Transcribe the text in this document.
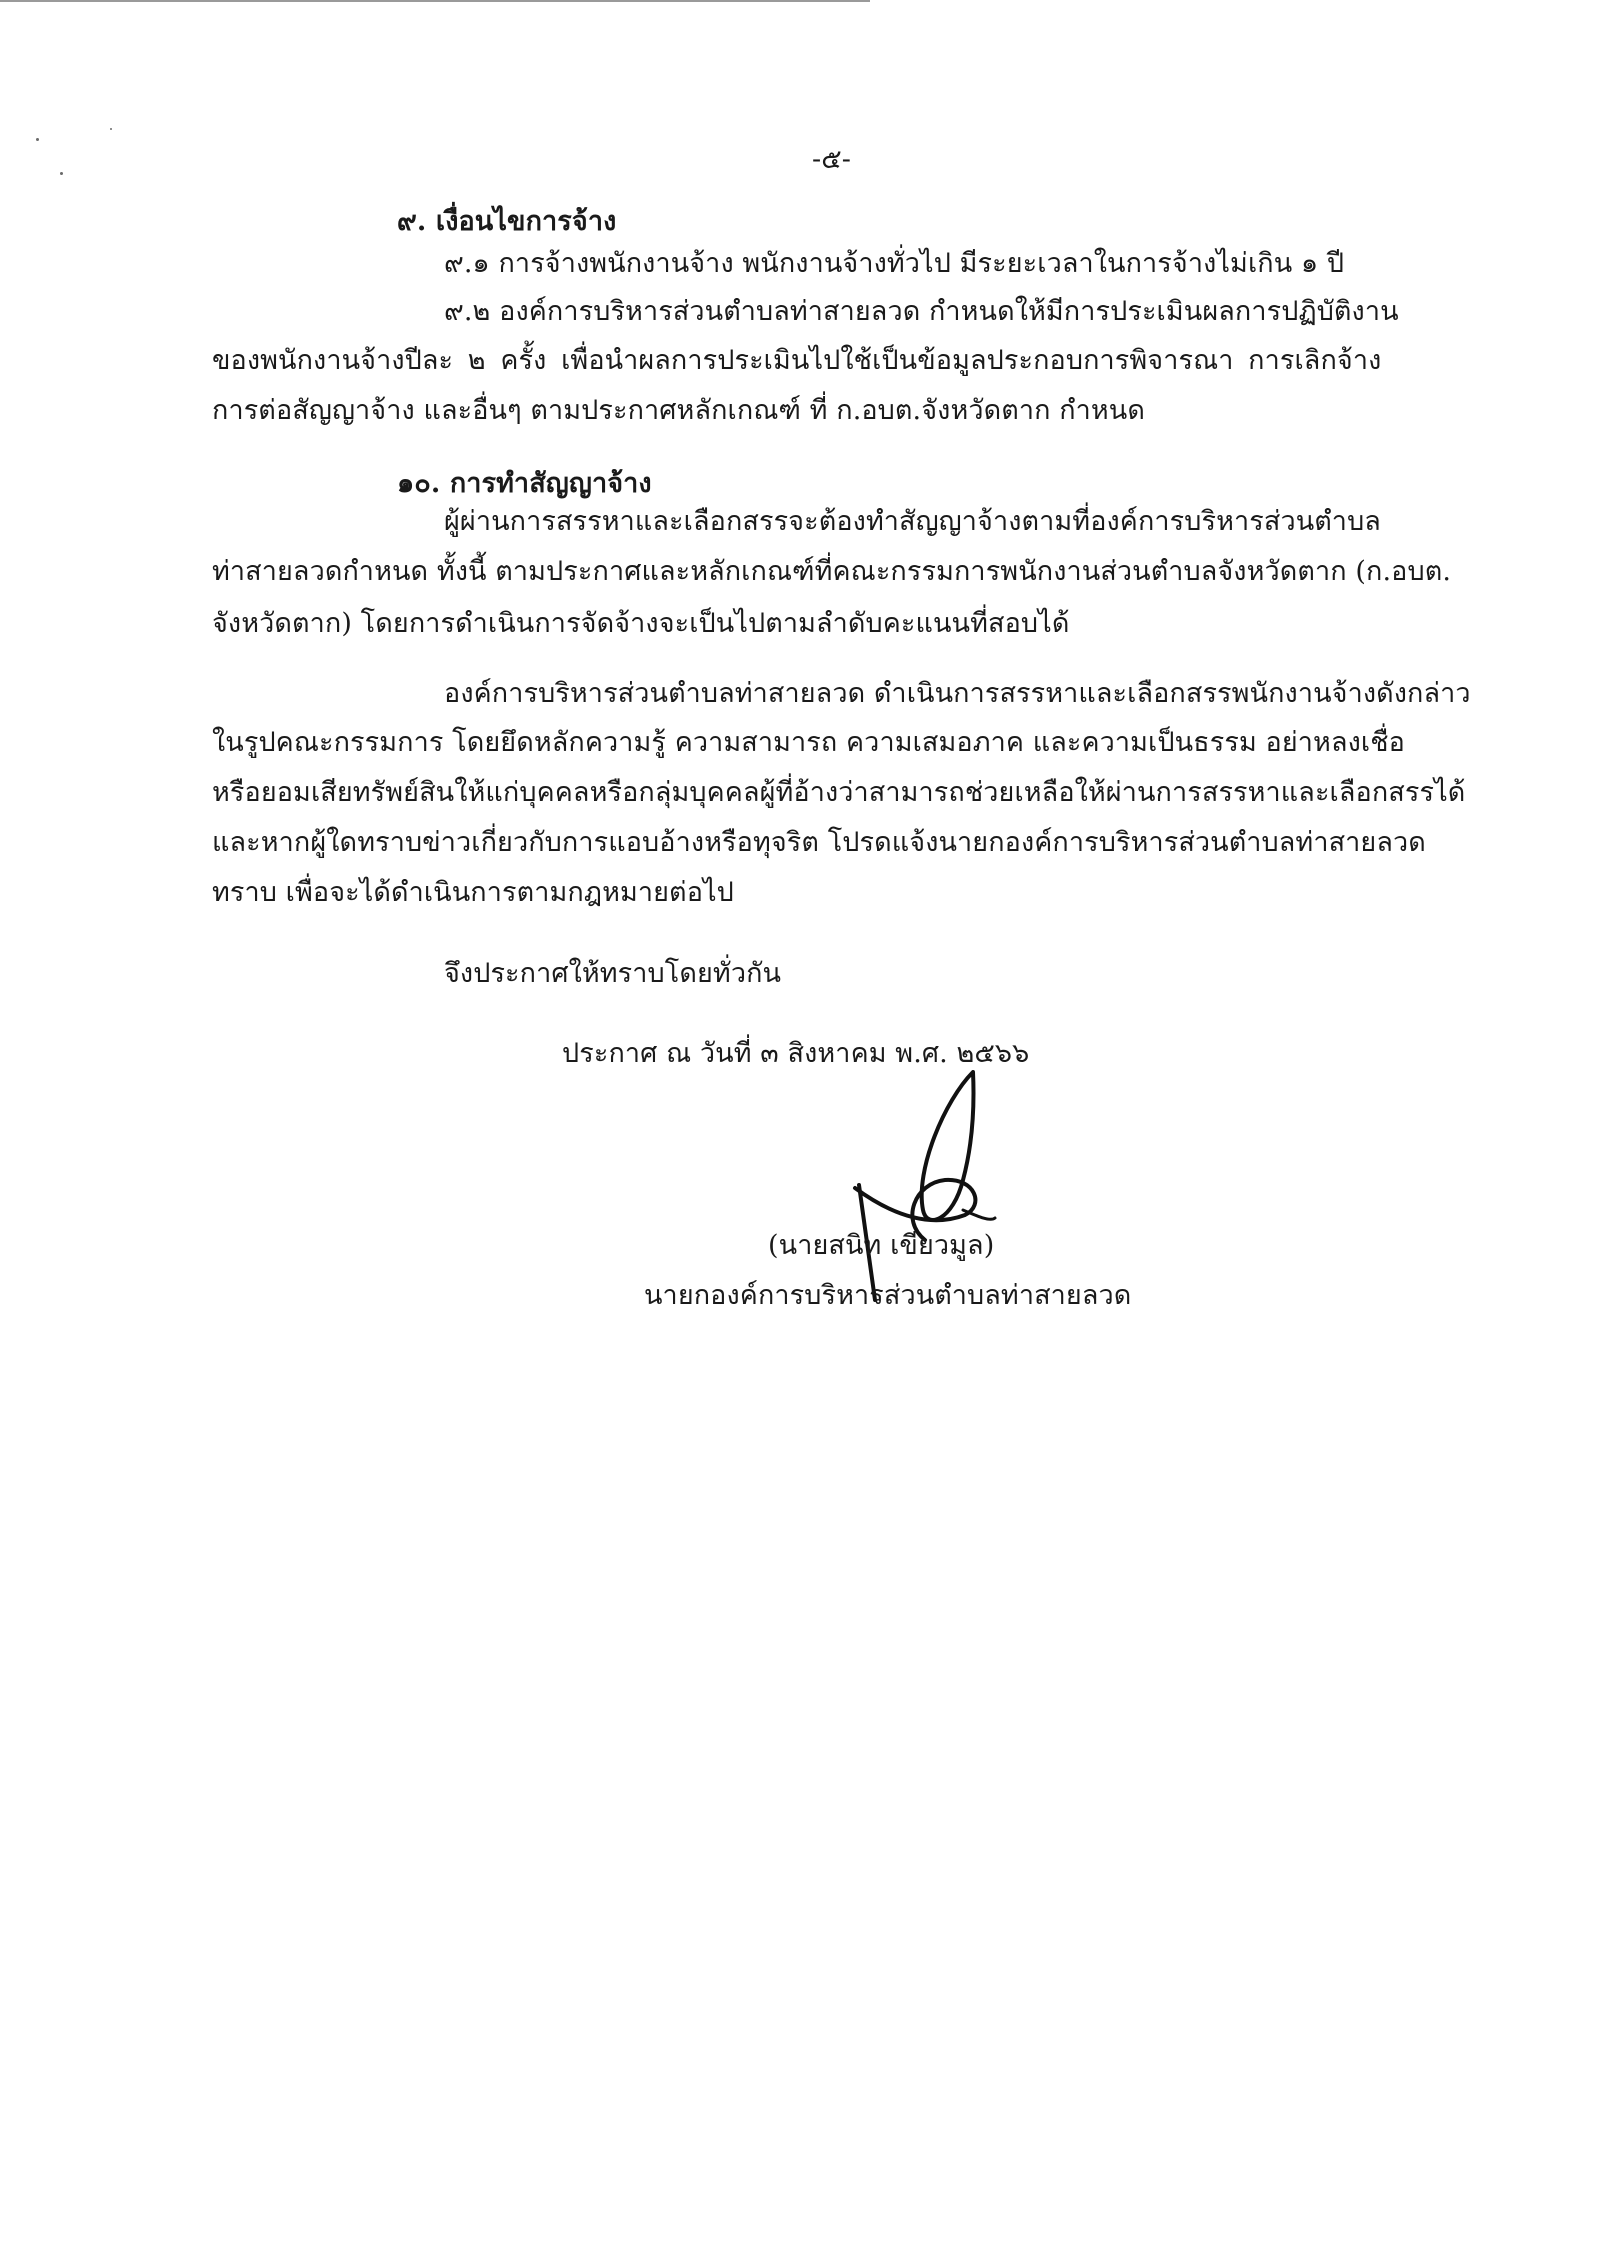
-๕-
๙. เงื่อนไขการจ้าง
๙.๑ การจ้างพนักงานจ้าง พนักงานจ้างทั่วไป มีระยะเวลาในการจ้างไม่เกิน ๑ ปี
๙.๒ องค์การบริหารส่วนตำบลท่าสายลวด กำหนดให้มีการประเมินผลการปฏิบัติงาน
ของพนักงานจ้างปีละ ๒ ครั้ง เพื่อนำผลการประเมินไปใช้เป็นข้อมูลประกอบการพิจารณา การเลิกจ้าง
การต่อสัญญาจ้าง และอื่นๆ ตามประกาศหลักเกณฑ์ ที่ ก.อบต.จังหวัดตาก กำหนด
๑๐. การทำสัญญาจ้าง
ผู้ผ่านการสรรหาและเลือกสรรจะต้องทำสัญญาจ้างตามที่องค์การบริหารส่วนตำบล
ท่าสายลวดกำหนด ทั้งนี้ ตามประกาศและหลักเกณฑ์ที่คณะกรรมการพนักงานส่วนตำบลจังหวัดตาก (ก.อบต.
จังหวัดตาก) โดยการดำเนินการจัดจ้างจะเป็นไปตามลำดับคะแนนที่สอบได้
องค์การบริหารส่วนตำบลท่าสายลวด ดำเนินการสรรหาและเลือกสรรพนักงานจ้างดังกล่าว
ในรูปคณะกรรมการ โดยยึดหลักความรู้ ความสามารถ ความเสมอภาค และความเป็นธรรม อย่าหลงเชื่อ
หรือยอมเสียทรัพย์สินให้แก่บุคคลหรือกลุ่มบุคคลผู้ที่อ้างว่าสามารถช่วยเหลือให้ผ่านการสรรหาและเลือกสรรได้
และหากผู้ใดทราบข่าวเกี่ยวกับการแอบอ้างหรือทุจริต โปรดแจ้งนายกองค์การบริหารส่วนตำบลท่าสายลวด
ทราบ เพื่อจะได้ดำเนินการตามกฎหมายต่อไป
จึงประกาศให้ทราบโดยทั่วกัน
ประกาศ ณ วันที่ ๓ สิงหาคม พ.ศ. ๒๕๖๖
(นายสนิท เขียวมูล)
นายกองค์การบริหารส่วนตำบลท่าสายลวด
